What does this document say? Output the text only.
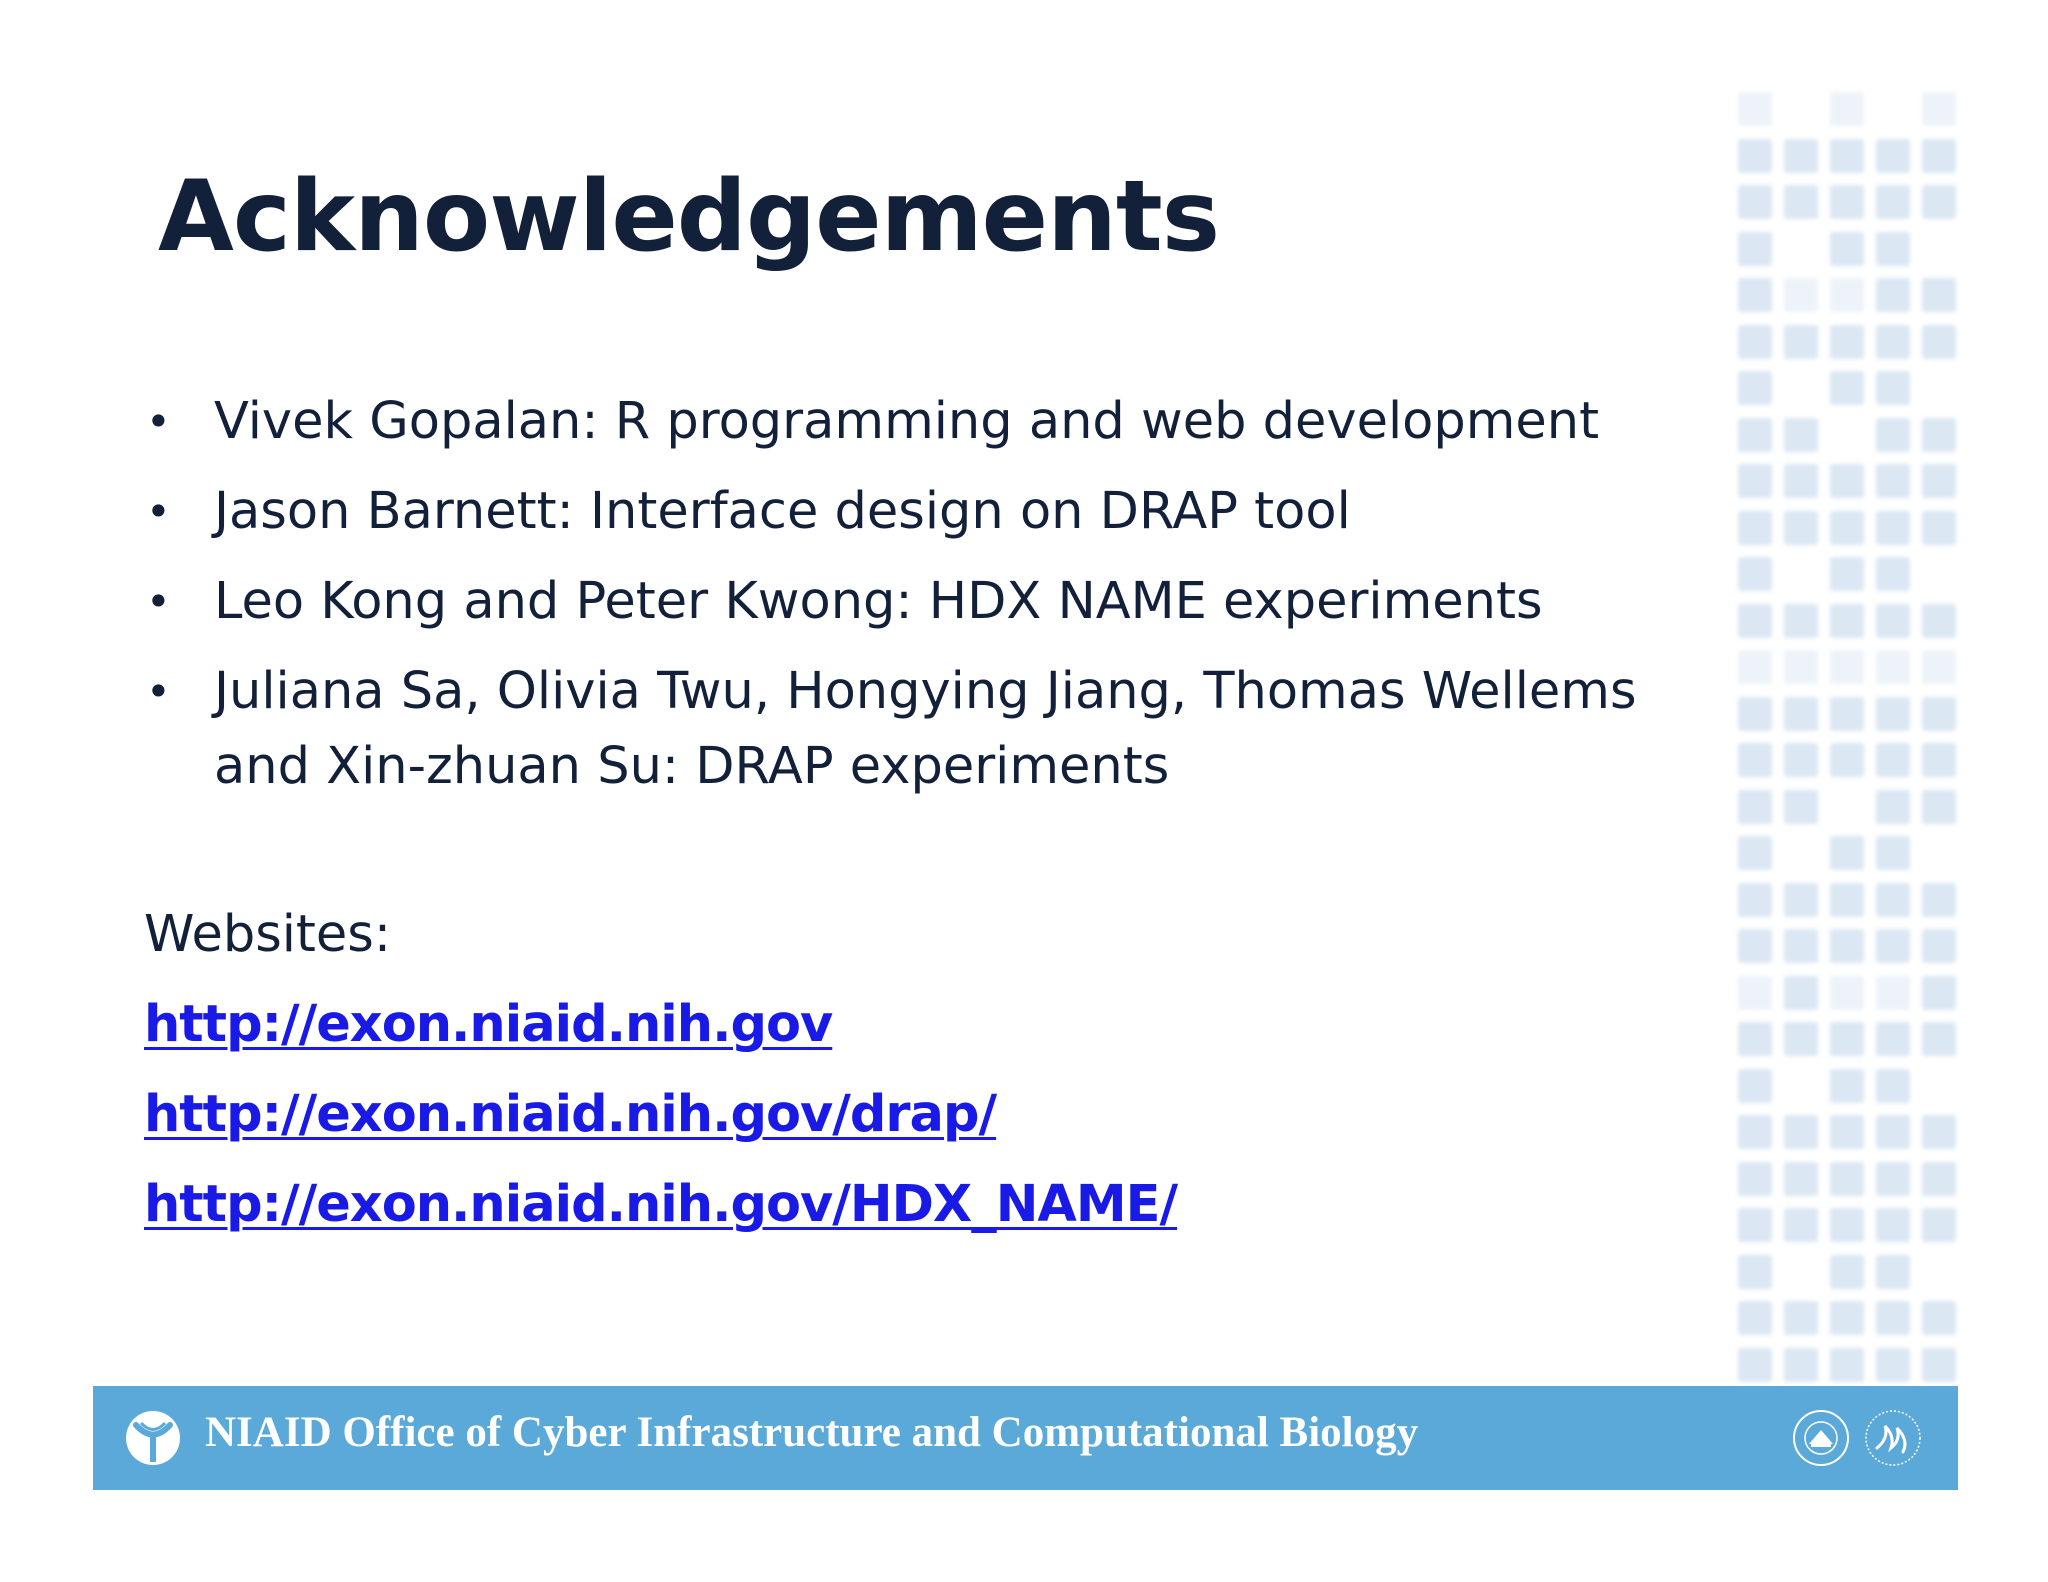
Acknowledgements
• Vivek Gopalan: R programming and web development
• Jason Barnett: Interface design on DRAP tool
• Leo Kong and Peter Kwong: HDX NAME experiments
• Juliana Sa, Olivia Twu, Hongying Jiang, Thomas Wellems and Xin-zhuan Su: DRAP experiments
Websites:
http://exon.niaid.nih.gov
http://exon.niaid.nih.gov/drap/
http://exon.niaid.nih.gov/HDX_NAME/
NIAID Office of Cyber Infrastructure and Computational Biology
